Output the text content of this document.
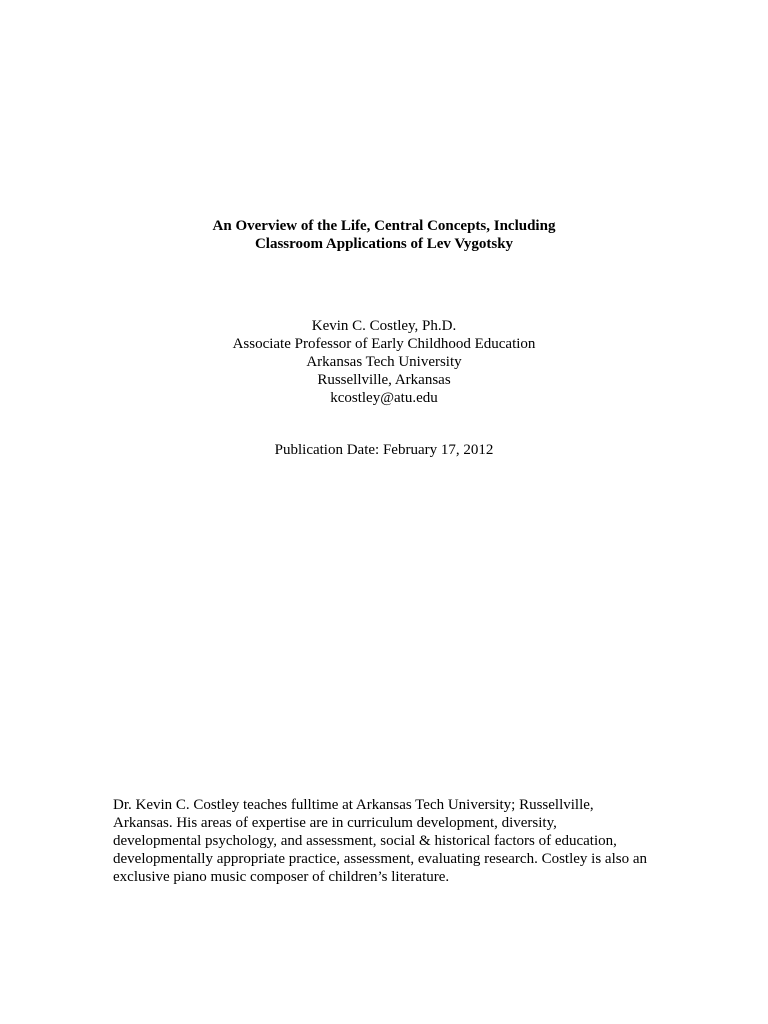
An Overview of the Life, Central Concepts, Including
Classroom Applications of Lev Vygotsky
Kevin C. Costley, Ph.D.
Associate Professor of Early Childhood Education
Arkansas Tech University
Russellville, Arkansas
kcostley@atu.edu
Publication Date: February 17, 2012
Dr. Kevin C. Costley teaches fulltime at Arkansas Tech University; Russellville,
Arkansas. His areas of expertise are in curriculum development, diversity,
developmental psychology, and assessment, social & historical factors of education,
developmentally appropriate practice, assessment, evaluating research. Costley is also an
exclusive piano music composer of children’s literature.
